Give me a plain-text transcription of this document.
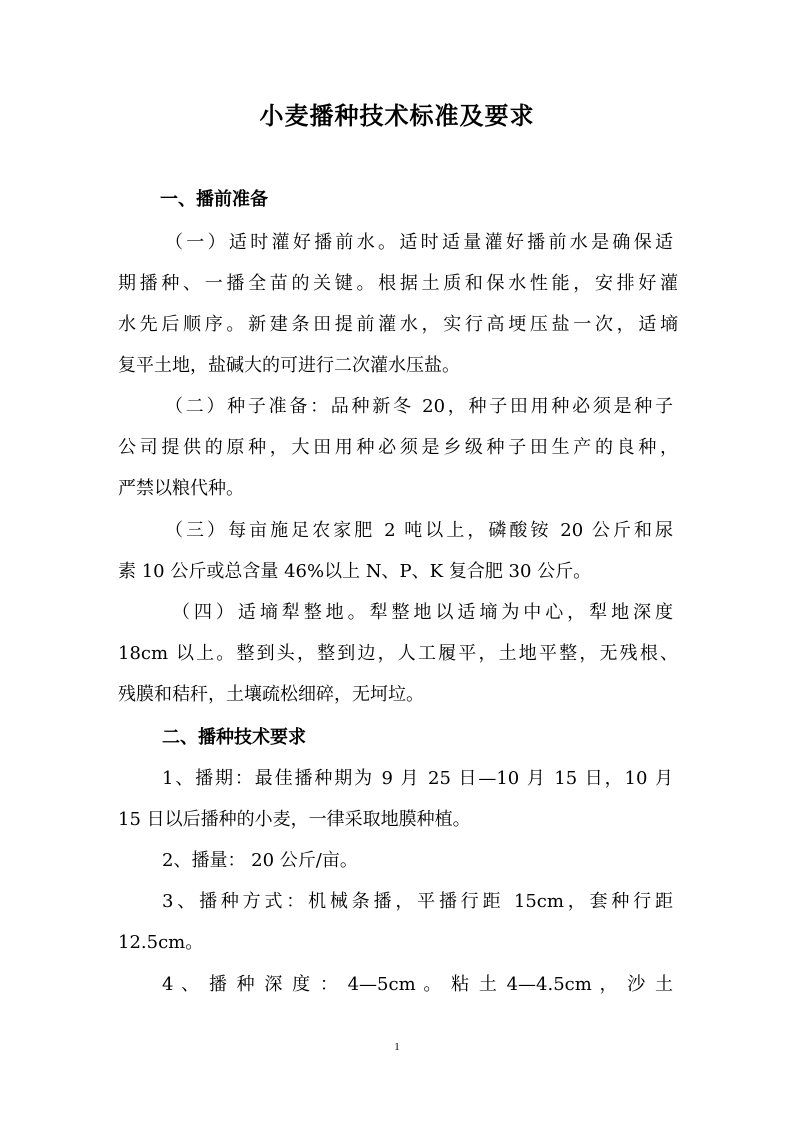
小麦播种技术标准及要求
一、播前准备
（一）适时灌好播前水。适时适量灌好播前水是确保适
期播种、一播全苗的关键。根据土质和保水性能，安排好灌
水先后顺序。新建条田提前灌水，实行高埂压盐一次，适墒
复平土地，盐碱大的可进行二次灌水压盐。
（二）种子准备：品种新冬 20，种子田用种必须是种子
公司提供的原种，大田用种必须是乡级种子田生产的良种，
严禁以粮代种。
（三）每亩施足农家肥 2 吨以上，磷酸铵 20 公斤和尿
素 10 公斤或总含量 46%以上 N、P、K 复合肥 30 公斤。
（四）适墒犁整地。犁整地以适墒为中心，犁地深度
18cm 以上。整到头，整到边，人工履平，土地平整，无残根、
残膜和秸秆，土壤疏松细碎，无坷垃。
二、播种技术要求
1、播期：最佳播种期为 9 月 25 日—10 月 15 日，10 月
15 日以后播种的小麦，一律采取地膜种植。
2、播量： 20 公斤/亩。
3、播种方式：机械条播，平播行距 15cm，套种行距
12.5cm。
4 、 播 种 深 度 ： 4—5cm 。 粘 土 4—4.5cm ， 沙 土
1
